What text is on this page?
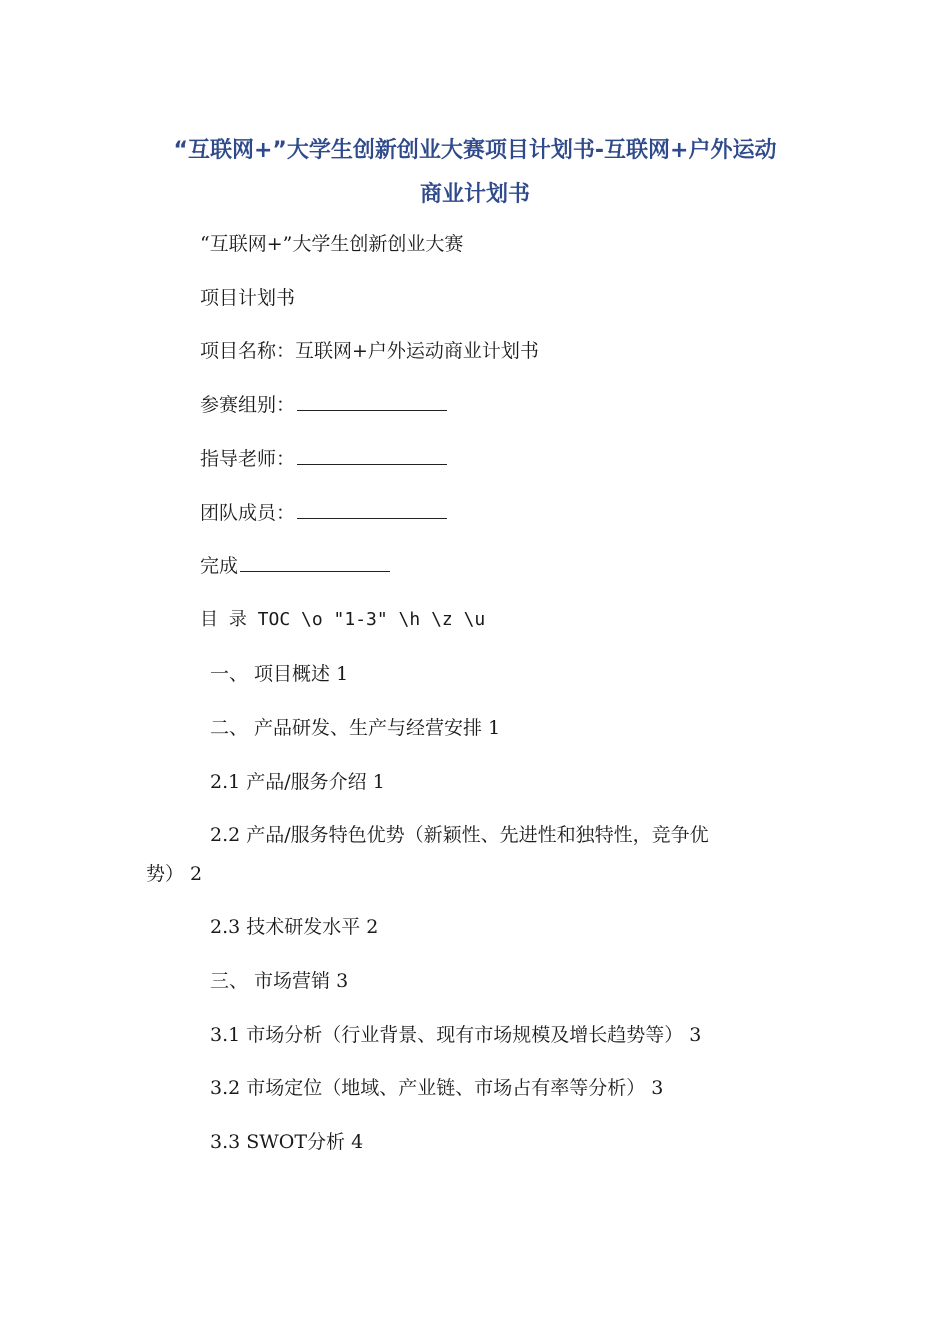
“互联网+”大学生创新创业大赛项目计划书-互联网+户外运动
商业计划书
“互联网+”大学生创新创业大赛
项目计划书
项目名称：互联网+户外运动商业计划书
参赛组别：
指导老师：
团队成员：
完成
目 录 TOC \o "1-3" \h \z \u
一、 项目概述 1
二、 产品研发、生产与经营安排 1
2.1 产品/服务介绍 1
2.2 产品/服务特色优势（新颖性、先进性和独特性，竞争优
势） 2
2.3 技术研发水平 2
三、 市场营销 3
3.1 市场分析（行业背景、现有市场规模及增长趋势等） 3
3.2 市场定位（地域、产业链、市场占有率等分析） 3
3.3 SWOT分析 4
